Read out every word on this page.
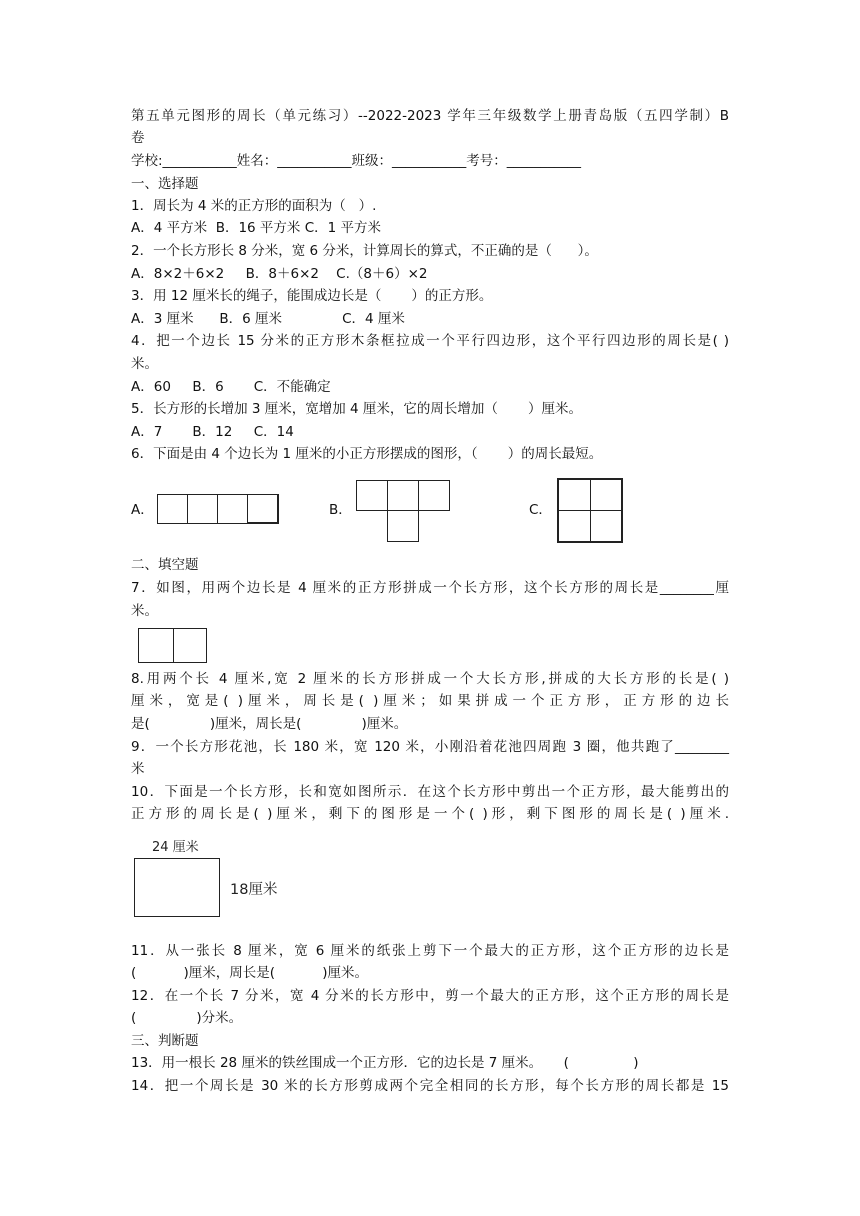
第五单元图形的周长（单元练习）--2022-2023 学年三年级数学上册青岛版（五四学制）B
卷
学校:___________姓名：___________班级：___________考号：___________
一、选择题
1．周长为 4 米的正方形的面积为（   ）.
A．4 平方米  B．16 平方米 C．1 平方米
2．一个长方形长 8 分米，宽 6 分米，计算周长的算式，不正确的是（      ）。
A．8×2＋6×2     B．8＋6×2    C.（8＋6）×2
3．用 12 厘米长的绳子，能围成边长是（       ）的正方形。
A．3 厘米      B．6 厘米              C．4 厘米
4．把一个边长 15 分米的正方形木条框拉成一个平行四边形，这个平行四边形的周长是( )
米。
A．60     B．6       C．不能确定
5．长方形的长增加 3 厘米，宽增加 4 厘米，它的周长增加（       ）厘米。
A．7       B．12     C．14
6．下面是由 4 个边长为 1 厘米的小正方形摆成的图形，（       ）的周长最短。
A．	B．	C．
二、填空题
7．如图，用两个边长是 4 厘米的正方形拼成一个长方形，这个长方形的周长是________厘
米。
8.用两个长 4 厘米,宽 2 厘米的长方形拼成一个大长方形,拼成的大长方形的长是( )
厘米，宽是( )厘米，周长是( )厘米；如果拼成一个正方形，正方形的边长
是(              )厘米，周长是(              )厘米。
9．一个长方形花池，长 180 米，宽 120 米，小刚沿着花池四周跑 3 圈，他共跑了________
米
10．下面是一个长方形，长和宽如图所示．在这个长方形中剪出一个正方形，最大能剪出的
正方形的周长是( )厘米，剩下的图形是一个( )形，剩下图形的周长是( )厘米.
24 厘米
18厘米
11．从一张长 8 厘米，宽 6 厘米的纸张上剪下一个最大的正方形，这个正方形的边长是
(           )厘米，周长是(           )厘米。
12．在一个长 7 分米，宽 4 分米的长方形中，剪一个最大的正方形，这个正方形的周长是
(              )分米。
三、判断题
13．用一根长 28 厘米的铁丝围成一个正方形．它的边长是 7 厘米。     (               )
14．把一个周长是 30 米的长方形剪成两个完全相同的长方形，每个长方形的周长都是 15
